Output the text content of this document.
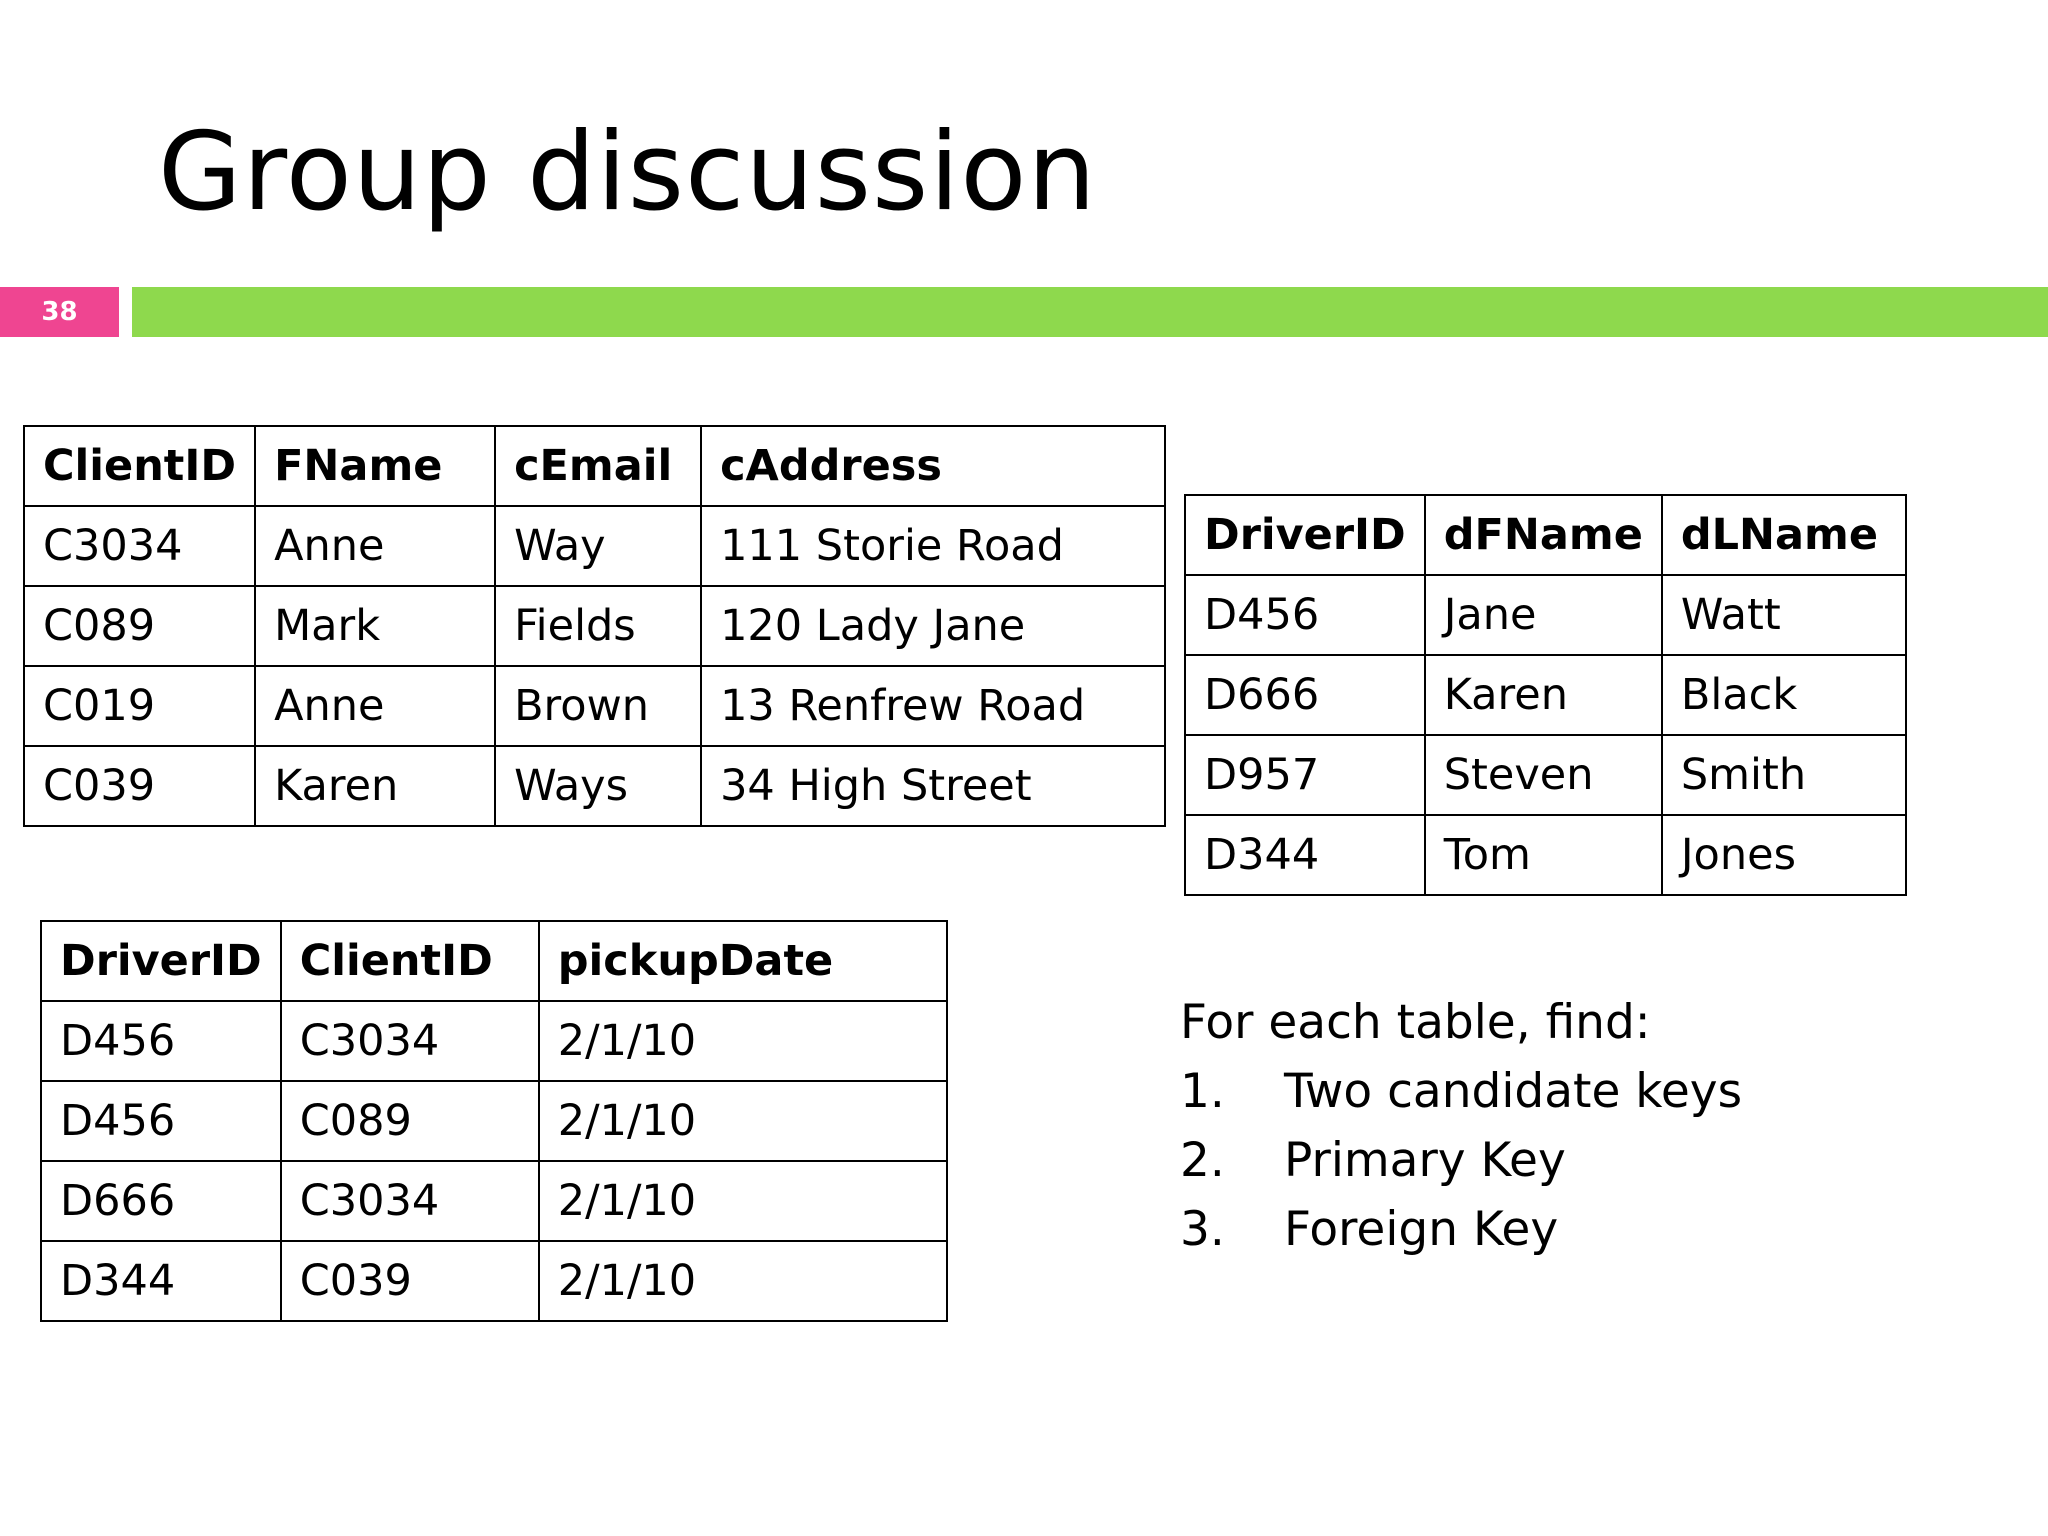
Group discussion
38
ClientID	FName	cEmail	cAddress
C3034	Anne	Way	111 Storie Road
C089	Mark	Fields	120 Lady Jane
C019	Anne	Brown	13 Renfrew Road
C039	Karen	Ways	34 High Street
DriverID	dFName	dLName
D456	Jane	Watt
D666	Karen	Black
D957	Steven	Smith
D344	Tom	Jones
DriverID	ClientID	pickupDate
D456	C3034	2/1/10
D456	C089	2/1/10
D666	C3034	2/1/10
D344	C039	2/1/10
For each table, find:
1.	Two candidate keys
2.	Primary Key
3.	Foreign Key
